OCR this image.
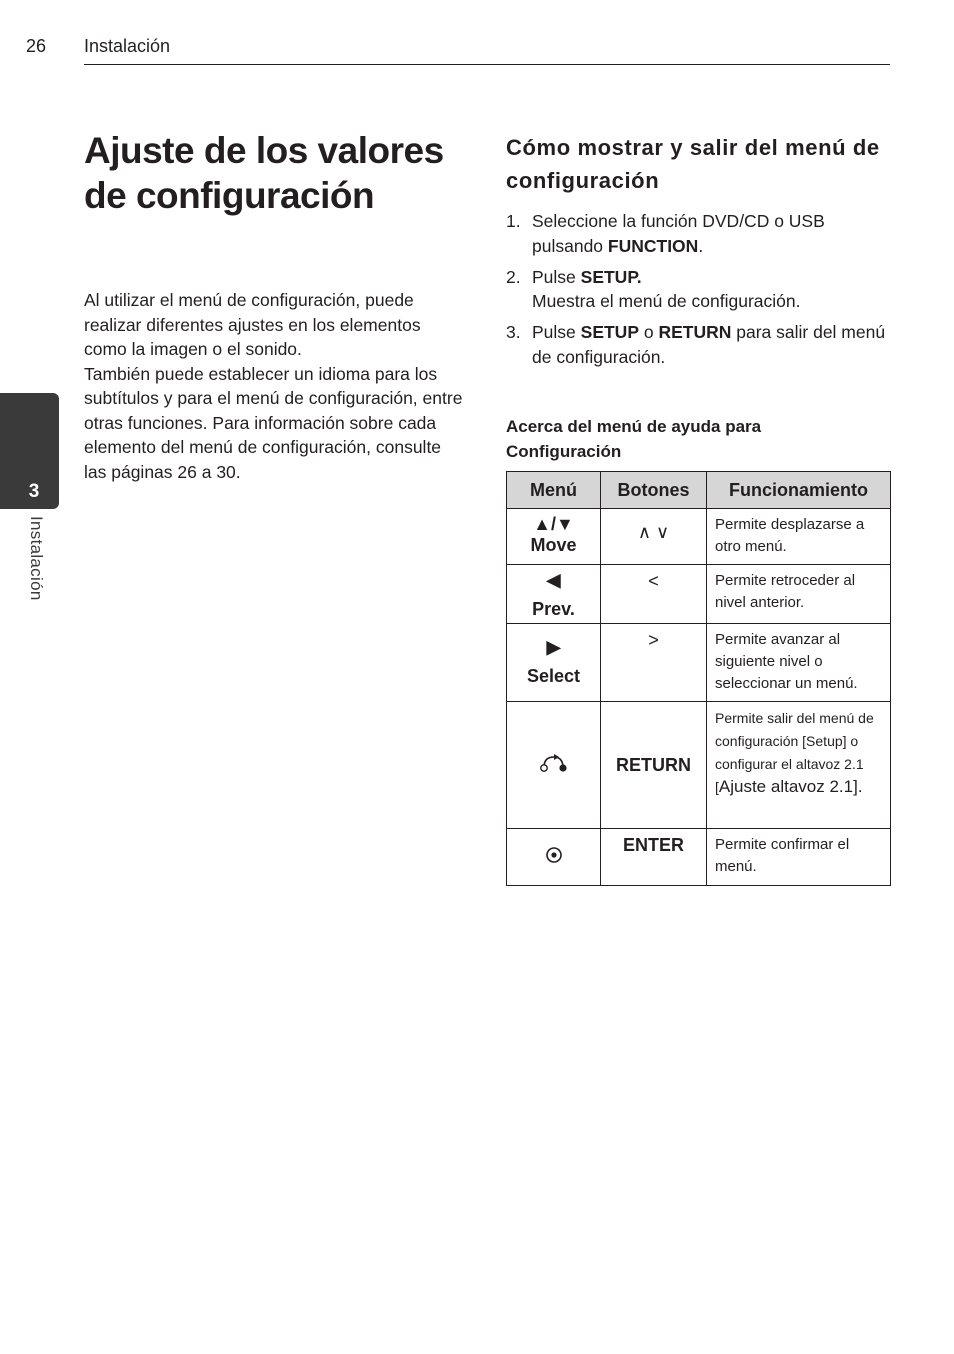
26 Instalación
Ajuste de los valores de configuración

Al utilizar el menú de configuración, puede realizar diferentes ajustes en los elementos como la imagen o el sonido.

También puede establecer un idioma para los subtítulos y para el menú de configuración, entre otras funciones. Para información sobre cada elemento del menú de configuración, consulte las páginas 26 a 30.

3
Instalación
Cómo mostrar y salir del menú de configuración
1. Seleccione la función DVD/CD o USB pulsando FUNCTION.
2. Pulse SETUP.
Muestra el menú de configuración.
3. Pulse SETUP o RETURN para salir del menú de configuración.
Acerca del menú de ayuda para Configuración
Menú	Botones	Funcionamiento

▲/▼
Move	∧ ∨	Permite desplazarse a otro menú.

◀
Prev.	<	Permite retroceder al nivel anterior.

▶
Select	>	Permite avanzar al siguiente nivel o seleccionar un menú.
	RETURN	Permite salir del menú de configuración [Setup] o configurar el altavoz 2.1 [Ajuste altavoz 2.1].
	ENTER	Permite confirmar el menú.
